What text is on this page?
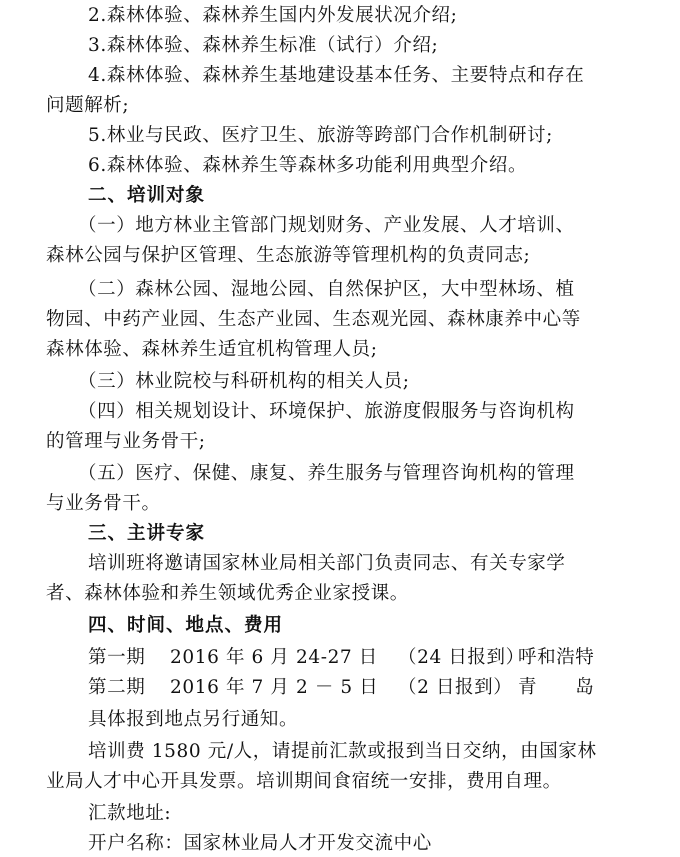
2.森林体验、森林养生国内外发展状况介绍;
3.森林体验、森林养生标准（试行）介绍;
4.森林体验、森林养生基地建设基本任务、主要特点和存在
问题解析;
5.林业与民政、医疗卫生、旅游等跨部门合作机制研讨;
6.森林体验、森林养生等森林多功能利用典型介绍。
二、培训对象
（一）地方林业主管部门规划财务、产业发展、人才培训、
森林公园与保护区管理、生态旅游等管理机构的负责同志;
（二）森林公园、湿地公园、自然保护区，大中型林场、植
物园、中药产业园、生态产业园、生态观光园、森林康养中心等
森林体验、森林养生适宜机构管理人员;
（三）林业院校与科研机构的相关人员;
（四）相关规划设计、环境保护、旅游度假服务与咨询机构
的管理与业务骨干;
（五）医疗、保健、康复、养生服务与管理咨询机构的管理
与业务骨干。
三、主讲专家
培训班将邀请国家林业局相关部门负责同志、有关专家学
者、森林体验和养生领域优秀企业家授课。
四、时间、地点、费用
第一期 2016 年 6 月 24-27 日 （24 日报到）呼和浩特
第二期 2016 年 7 月 2 － 5 日 （2 日报到） 青　　岛
具体报到地点另行通知。
培训费 1580 元/人，请提前汇款或报到当日交纳，由国家林
业局人才中心开具发票。培训期间食宿统一安排，费用自理。
汇款地址:
开户名称：国家林业局人才开发交流中心
